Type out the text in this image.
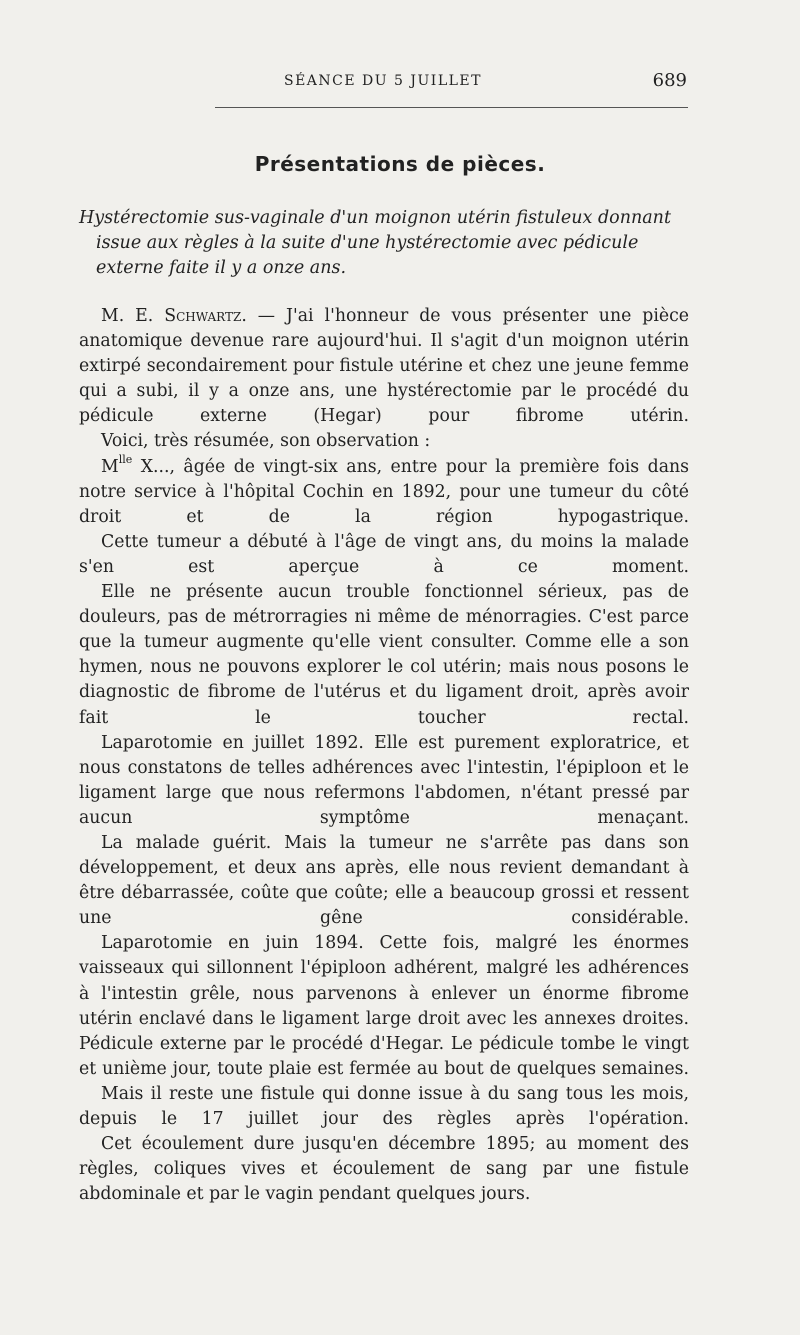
SÉANCE DU 5 JUILLET	689
Présentations de pièces.
Hystérectomie sus-vaginale d'un moignon utérin fistuleux donnant
issue aux règles à la suite d'une hystérectomie avec pédicule
externe faite il y a onze ans.

M. E. Schwartz. — J'ai l'honneur de vous présenter une pièce anatomique devenue rare aujourd'hui. Il s'agit d'un moignon utérin extirpé secondairement pour fistule utérine et chez une jeune femme qui a subi, il y a onze ans, une hystérectomie par le procédé du pédicule externe (Hegar) pour fibrome utérin.

Voici, très résumée, son observation :

$M^{lle}$ X..., âgée de vingt-six ans, entre pour la première fois dans notre service à l'hôpital Cochin en 1892, pour une tumeur du côté droit et de la région hypogastrique.

Cette tumeur a débuté à l'âge de vingt ans, du moins la malade s'en est aperçue à ce moment.

Elle ne présente aucun trouble fonctionnel sérieux, pas de douleurs, pas de métrorragies ni même de ménorragies. C'est parce que la tumeur augmente qu'elle vient consulter. Comme elle a son hymen, nous ne pouvons explorer le col utérin; mais nous posons le diagnostic de fibrome de l'utérus et du ligament droit, après avoir fait le toucher rectal.

Laparotomie en juillet 1892. Elle est purement exploratrice, et nous constatons de telles adhérences avec l'intestin, l'épiploon et le ligament large que nous refermons l'abdomen, n'étant pressé par aucun symptôme menaçant.

La malade guérit. Mais la tumeur ne s'arrête pas dans son développement, et deux ans après, elle nous revient demandant à être débarrassée, coûte que coûte; elle a beaucoup grossi et ressent une gêne considérable.

Laparotomie en juin 1894. Cette fois, malgré les énormes vaisseaux qui sillonnent l'épiploon adhérent, malgré les adhérences à l'intestin grêle, nous parvenons à enlever un énorme fibrome utérin enclavé dans le ligament large droit avec les annexes droites. Pédicule externe par le procédé d'Hegar. Le pédicule tombe le vingt et unième jour, toute plaie est fermée au bout de quelques semaines.

Mais il reste une fistule qui donne issue à du sang tous les mois, depuis le 17 juillet jour des règles après l'opération.

Cet écoulement dure jusqu'en décembre 1895; au moment des règles, coliques vives et écoulement de sang par une fistule abdominale et par le vagin pendant quelques jours.
